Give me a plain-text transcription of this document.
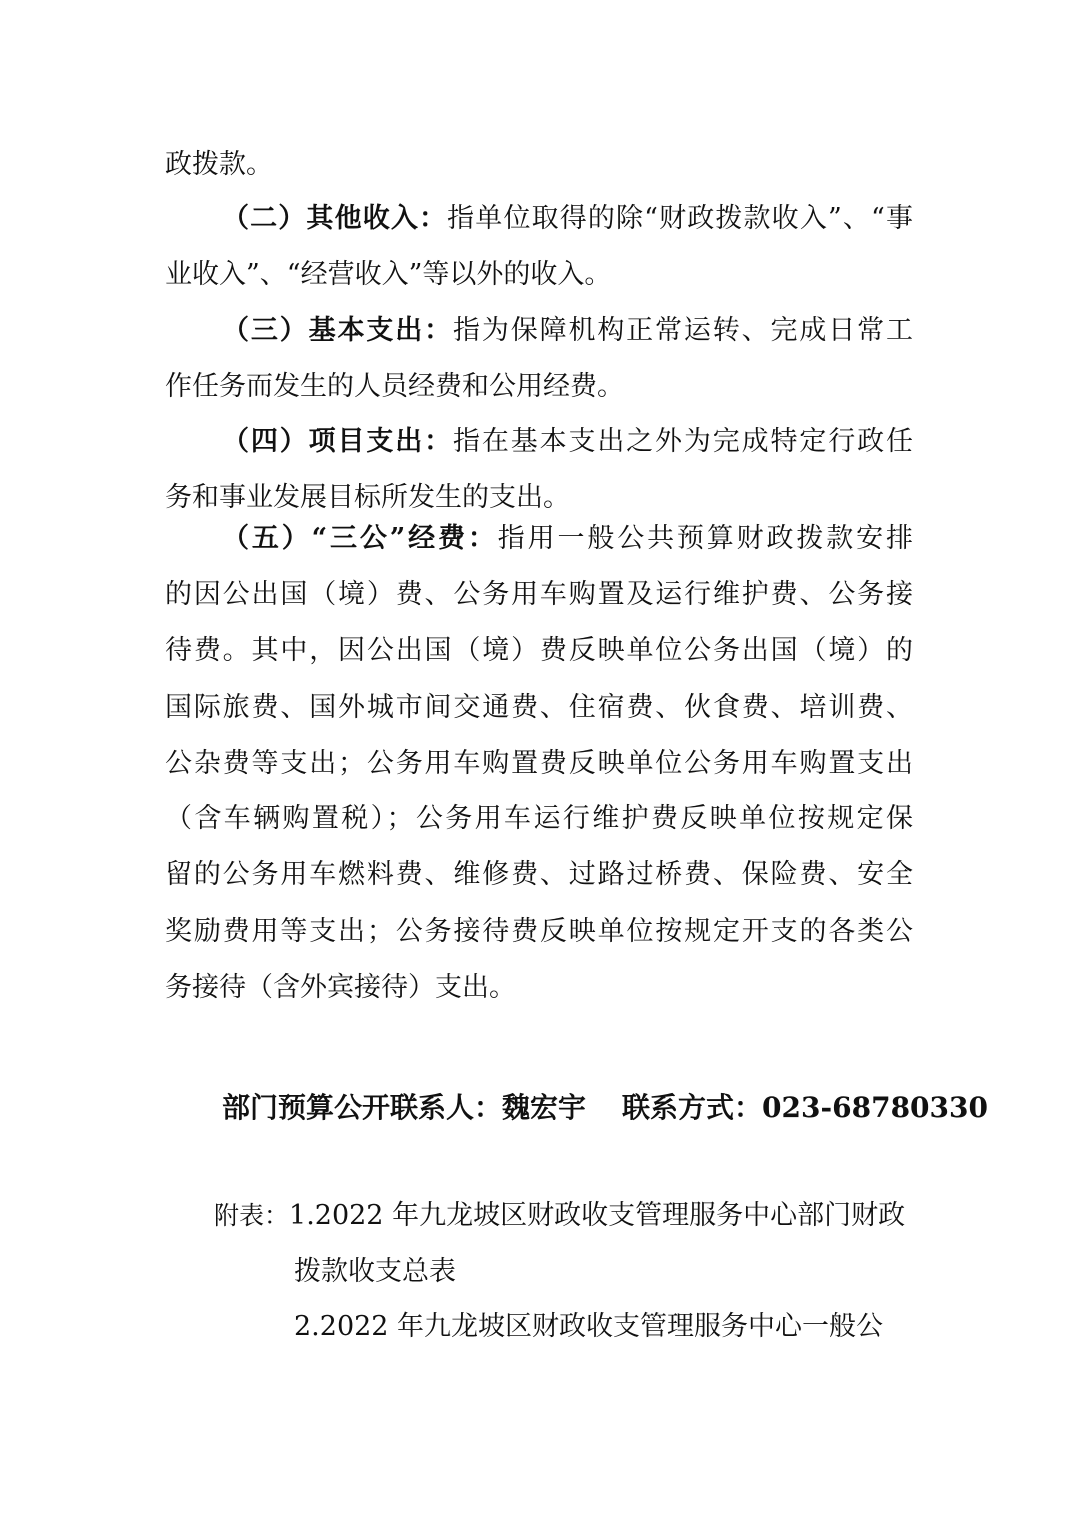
政拨款。
（二）其他收入：指单位取得的除“财政拨款收入”、“事
业收入”、“经营收入”等以外的收入。
（三）基本支出：指为保障机构正常运转、完成日常工
作任务而发生的人员经费和公用经费。
（四）项目支出：指在基本支出之外为完成特定行政任
务和事业发展目标所发生的支出。
（五）“三公”经费：指用一般公共预算财政拨款安排
的因公出国（境）费、公务用车购置及运行维护费、公务接
待费。其中，因公出国（境）费反映单位公务出国（境）的
国际旅费、国外城市间交通费、住宿费、伙食费、培训费、
公杂费等支出；公务用车购置费反映单位公务用车购置支出
（含车辆购置税）；公务用车运行维护费反映单位按规定保
留的公务用车燃料费、维修费、过路过桥费、保险费、安全
奖励费用等支出；公务接待费反映单位按规定开支的各类公
务接待（含外宾接待）支出。
部门预算公开联系人：魏宏宇 联系方式：023-68780330
附表：1.2022 年九龙坡区财政收支管理服务中心部门财政
拨款收支总表
2.2022 年九龙坡区财政收支管理服务中心一般公
